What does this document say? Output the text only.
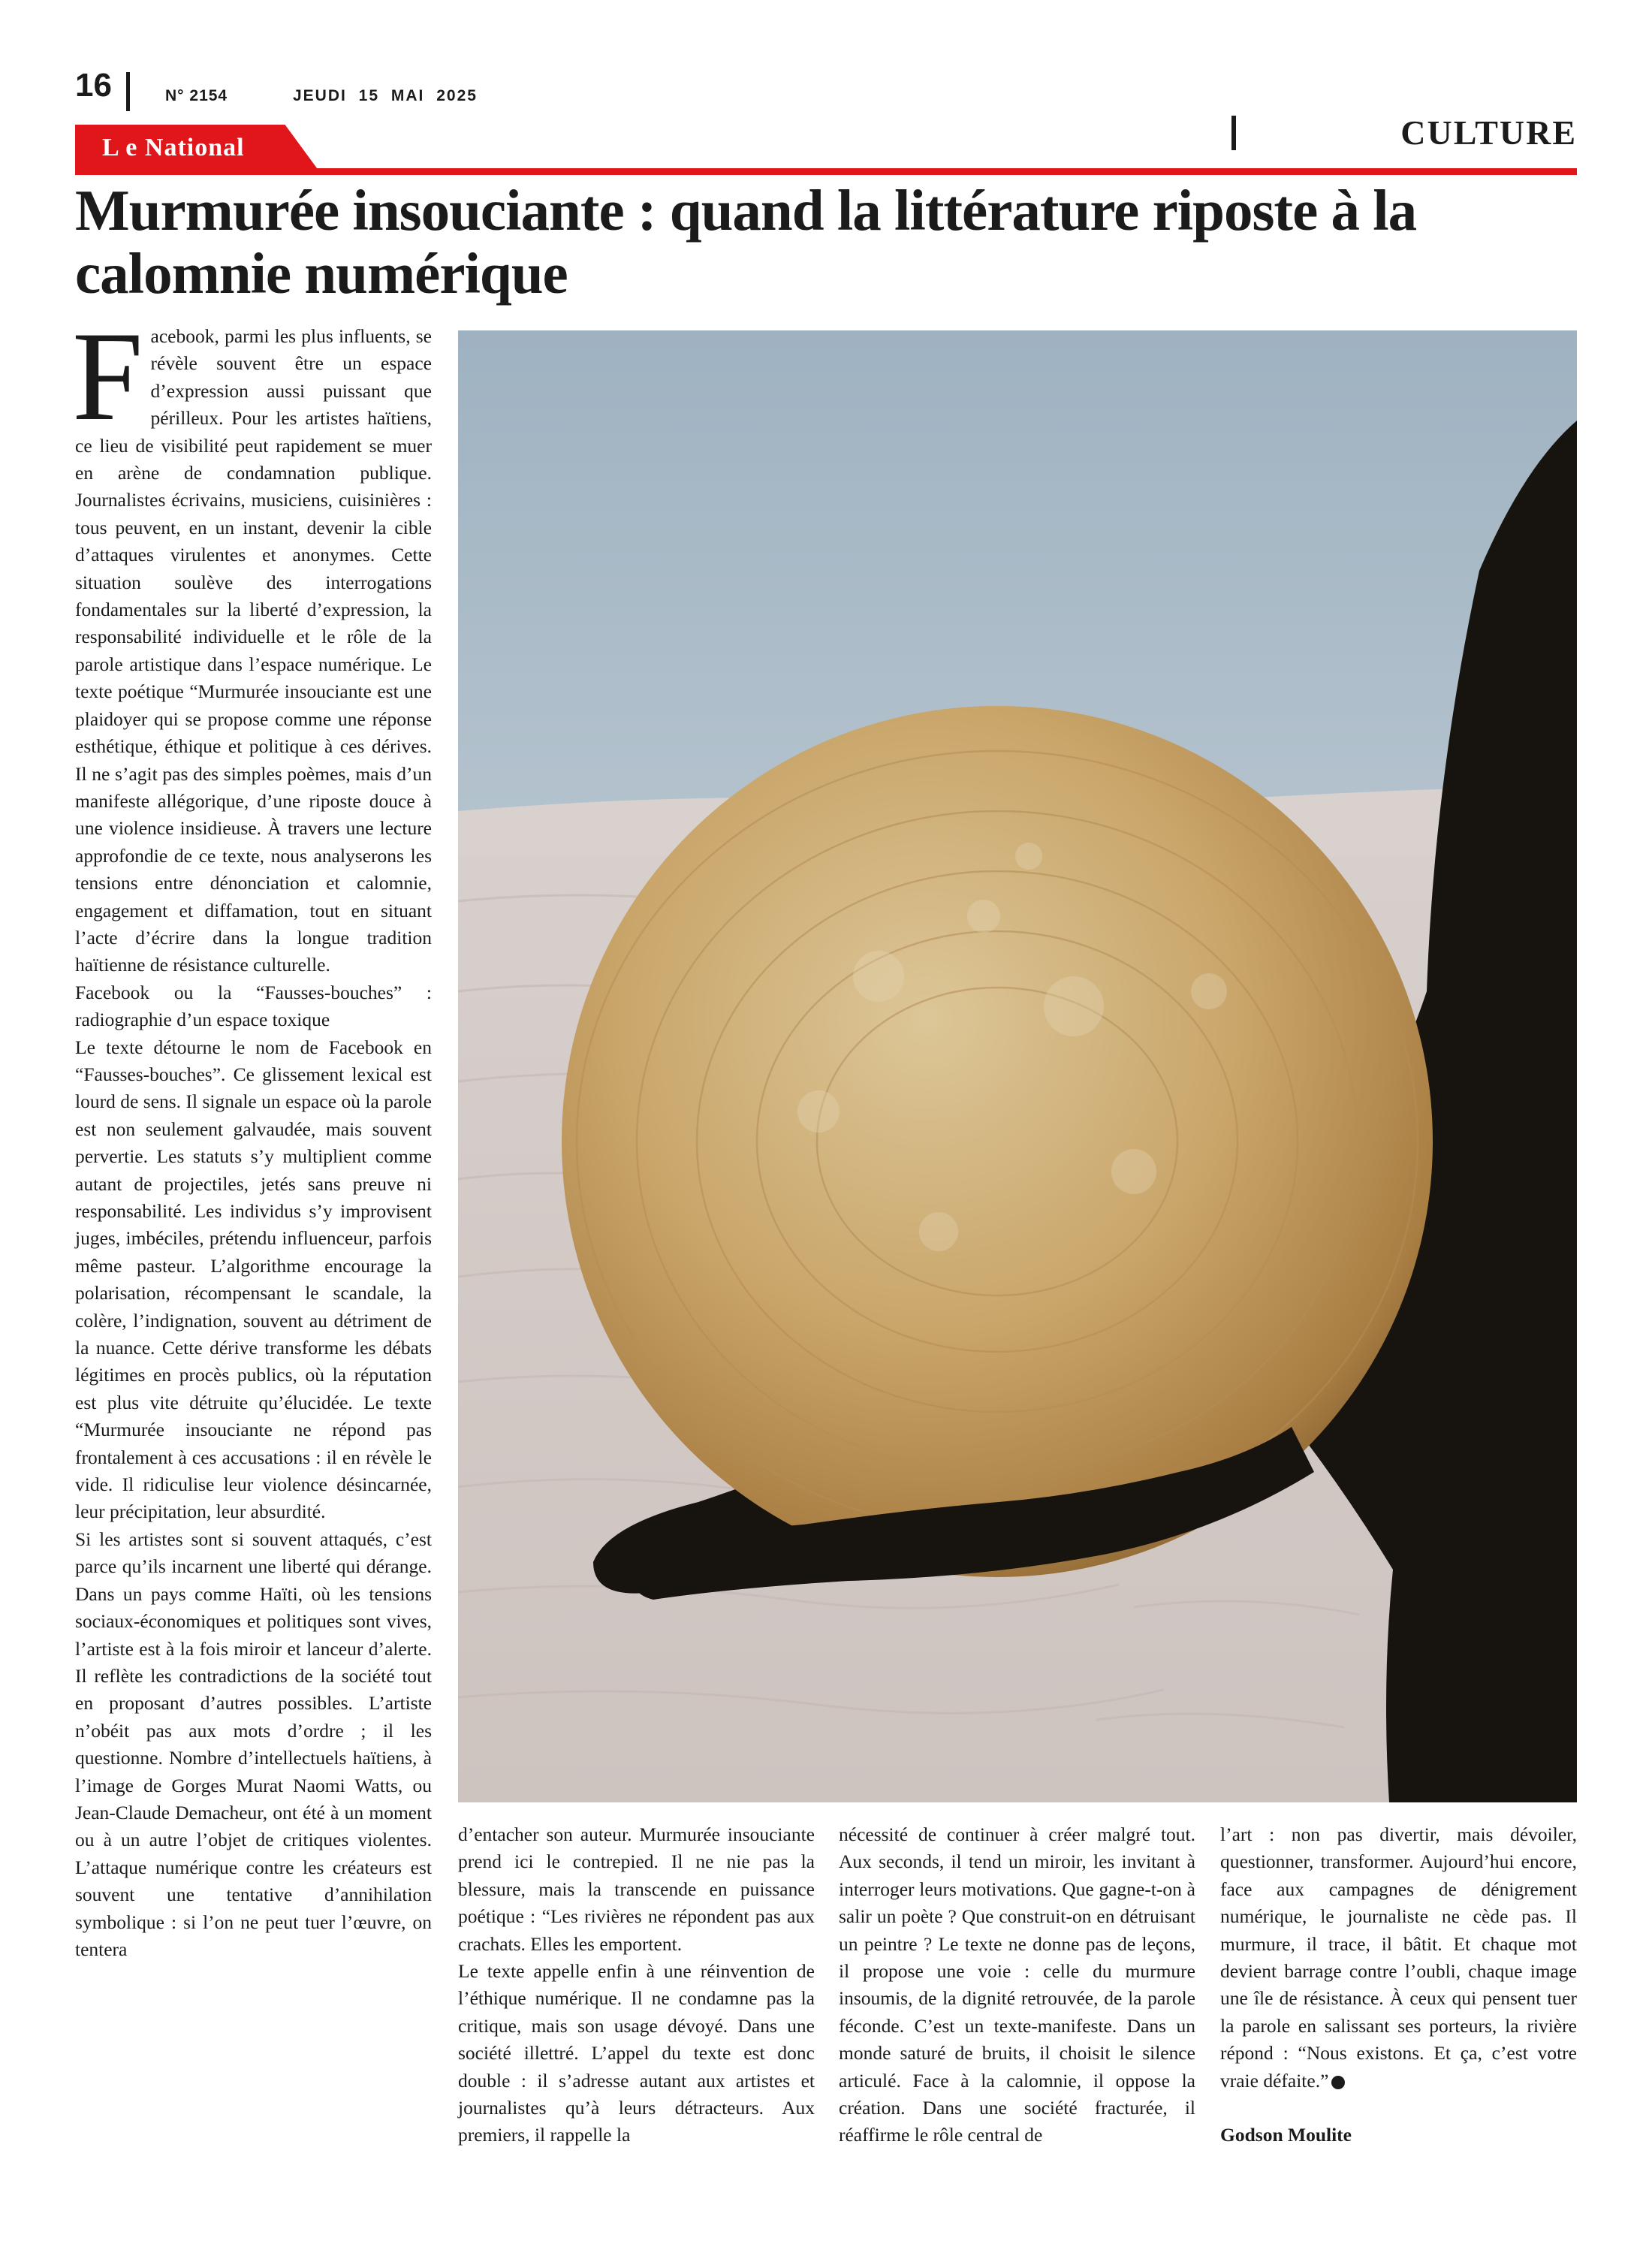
16	N° 2154	JEUDI 15 MAI 2025
CULTURE
L e National
Murmurée insouciante : quand la littérature riposte à la calomnie numérique

Facebook, parmi les plus influents, se révèle souvent être un espace d’expression aussi puissant que périlleux. Pour les artistes haïtiens, ce lieu de visibilité peut rapidement se muer en arène de condamnation publique. Journalistes écrivains, musiciens, cuisinières : tous peuvent, en un instant, devenir la cible d’attaques virulentes et anonymes. Cette situation soulève des interrogations fondamentales sur la liberté d’expression, la responsabilité individuelle et le rôle de la parole artistique dans l’espace numérique. Le texte poétique “Murmurée insouciante est une plaidoyer qui se propose comme une réponse esthétique, éthique et politique à ces dérives. Il ne s’agit pas des simples poèmes, mais d’un manifeste allégorique, d’une riposte douce à une violence insidieuse. À travers une lecture approfondie de ce texte, nous analyserons les tensions entre dénonciation et calomnie, engagement et diffamation, tout en situant l’acte d’écrire dans la longue tradition haïtienne de résistance culturelle.

Facebook ou la “Fausses-bouches” : radiographie d’un espace toxique

Le texte détourne le nom de Facebook en “Fausses-bouches”. Ce glissement lexical est lourd de sens. Il signale un espace où la parole est non seulement galvaudée, mais souvent pervertie. Les statuts s’y multiplient comme autant de projectiles, jetés sans preuve ni responsabilité. Les individus s’y improvisent juges, imbéciles, prétendu influenceur, parfois même pasteur. L’algorithme encourage la polarisation, récompensant le scandale, la colère, l’indignation, souvent au détriment de la nuance. Cette dérive transforme les débats légitimes en procès publics, où la réputation est plus vite détruite qu’élucidée. Le texte “Murmurée insouciante ne répond pas frontalement à ces accusations : il en révèle le vide. Il ridiculise leur violence désincarnée, leur précipitation, leur absurdité.

Si les artistes sont si souvent attaqués, c’est parce qu’ils incarnent une liberté qui dérange. Dans un pays comme Haïti, où les tensions sociaux-économiques et politiques sont vives, l’artiste est à la fois miroir et lanceur d’alerte. Il reflète les contradictions de la société tout en proposant d’autres possibles. L’artiste n’obéit pas aux mots d’ordre ; il les questionne. Nombre d’intellectuels haïtiens, à l’image de Gorges Murat Naomi Watts, ou Jean-Claude Demacheur, ont été à un moment ou à un autre l’objet de critiques violentes. L’attaque numérique contre les créateurs est souvent une tentative d’annihilation symbolique : si l’on ne peut tuer l’œuvre, on tentera

d’entacher son auteur. Murmurée insouciante prend ici le contrepied. Il ne nie pas la blessure, mais la transcende en puissance poétique : “Les rivières ne répondent pas aux crachats. Elles les emportent.

Le texte appelle enfin à une réinvention de l’éthique numérique. Il ne condamne pas la critique, mais son usage dévoyé. Dans une société illettré. L’appel du texte est donc double : il s’adresse autant aux artistes et journalistes qu’à leurs détracteurs. Aux premiers, il rappelle la

nécessité de continuer à créer malgré tout. Aux seconds, il tend un miroir, les invitant à interroger leurs motivations. Que gagne-t-on à salir un poète ? Que construit-on en détruisant un peintre ? Le texte ne donne pas de leçons, il propose une voie : celle du murmure insoumis, de la dignité retrouvée, de la parole féconde. C’est un texte-manifeste. Dans un monde saturé de bruits, il choisit le silence articulé. Face à la calomnie, il oppose la création. Dans une société fracturée, il réaffirme le rôle central de

l’art : non pas divertir, mais dévoiler, questionner, transformer. Aujourd’hui encore, face aux campagnes de dénigrement numérique, le journaliste ne cède pas. Il murmure, il trace, il bâtit. Et chaque mot devient barrage contre l’oubli, chaque image une île de résistance. À ceux qui pensent tuer la parole en salissant ses porteurs, la rivière répond : “Nous existons. Et ça, c’est votre vraie défaite.”

Godson Moulite
